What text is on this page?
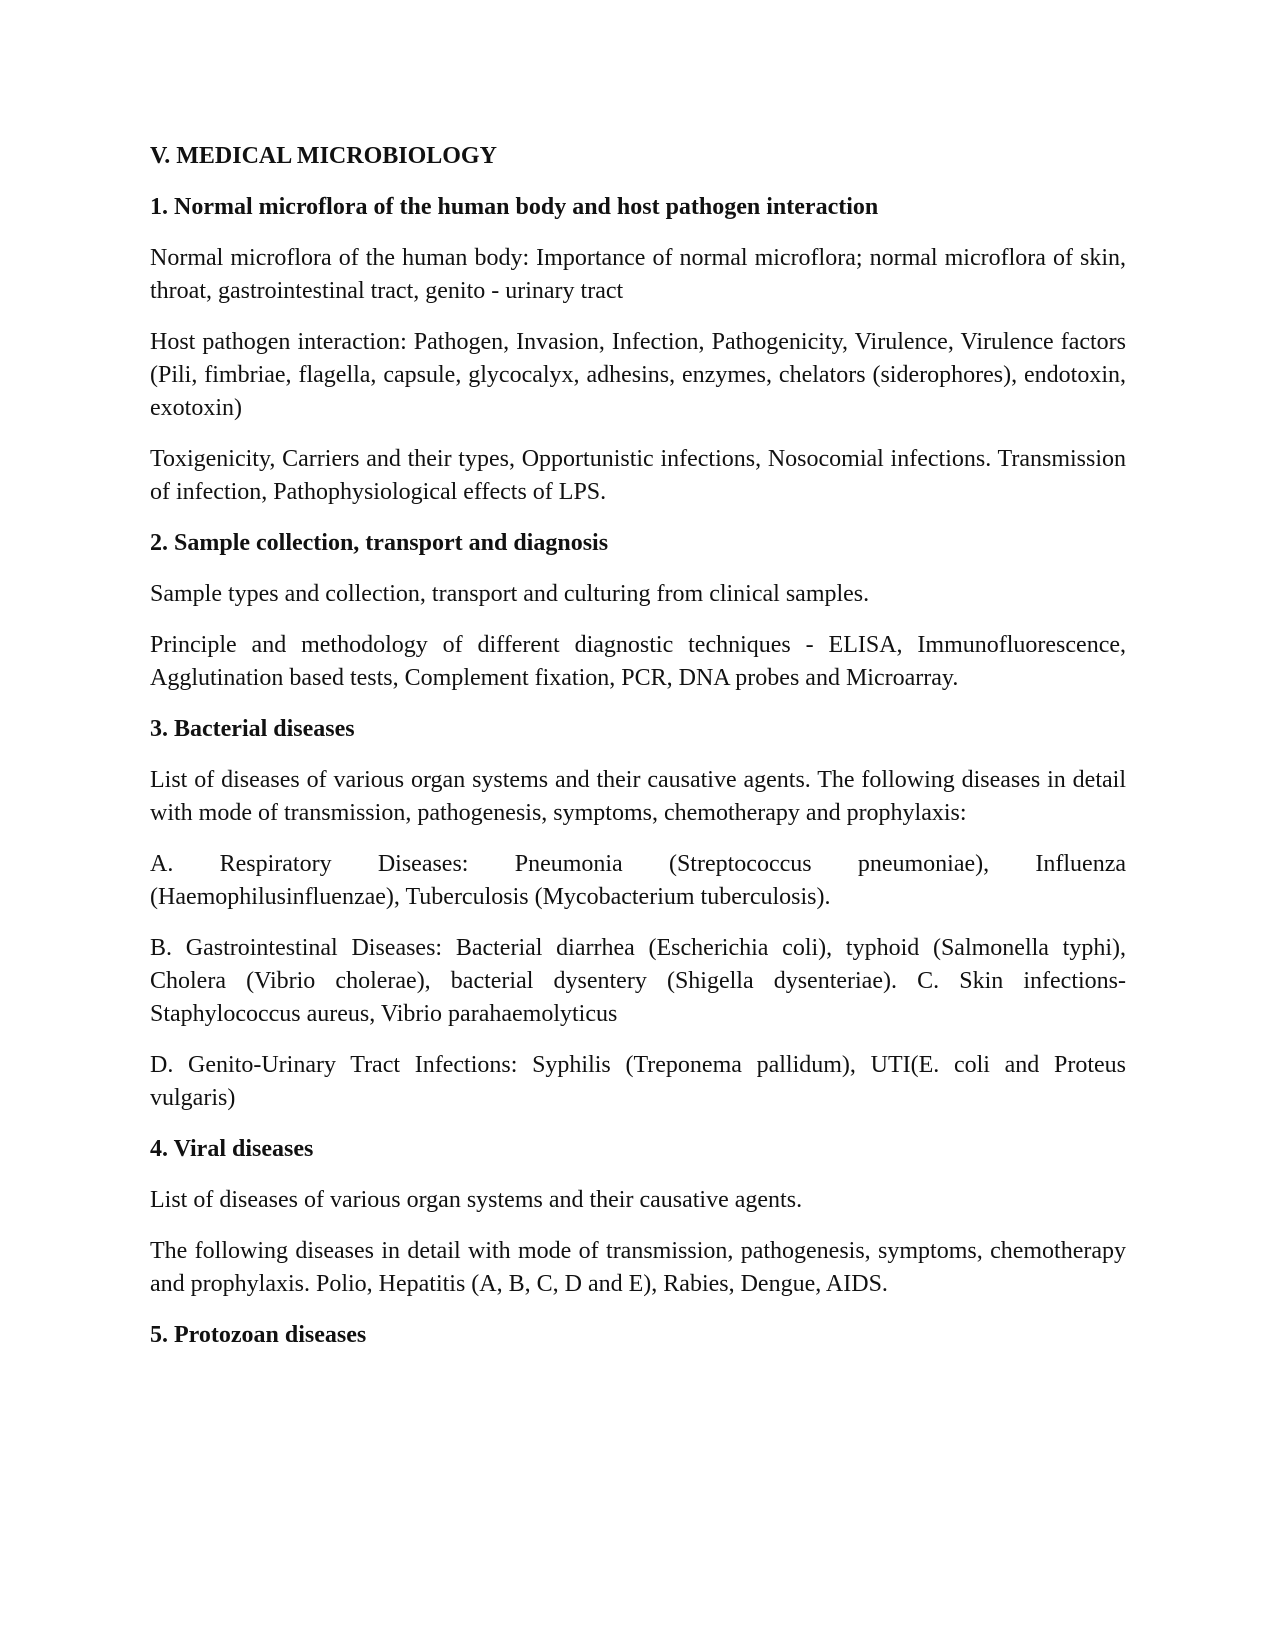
V. MEDICAL MICROBIOLOGY
1. Normal microflora of the human body and host pathogen interaction

Normal microflora of the human body: Importance of normal microflora; normal microflora of skin, throat, gastrointestinal tract, genito - urinary tract

Host pathogen interaction: Pathogen, Invasion, Infection, Pathogenicity, Virulence, Virulence factors (Pili, fimbriae, flagella, capsule, glycocalyx, adhesins, enzymes, chelators (siderophores), endotoxin, exotoxin)

Toxigenicity, Carriers and their types, Opportunistic infections, Nosocomial infections. Transmission of infection, Pathophysiological effects of LPS.

2. Sample collection, transport and diagnosis

Sample types and collection, transport and culturing from clinical samples.

Principle and methodology of different diagnostic techniques - ELISA, Immunofluorescence, Agglutination based tests, Complement fixation, PCR, DNA probes and Microarray.

3. Bacterial diseases

List of diseases of various organ systems and their causative agents. The following diseases in detail with mode of transmission, pathogenesis, symptoms, chemotherapy and prophylaxis:

A. Respiratory Diseases: Pneumonia (Streptococcus pneumoniae), Influenza (Haemophilusinfluenzae), Tuberculosis (Mycobacterium tuberculosis).

B. Gastrointestinal Diseases: Bacterial diarrhea (Escherichia coli), typhoid (Salmonella typhi), Cholera (Vibrio cholerae), bacterial dysentery (Shigella dysenteriae). C. Skin infections- Staphylococcus aureus, Vibrio parahaemolyticus

D. Genito-Urinary Tract Infections: Syphilis (Treponema pallidum), UTI(E. coli and Proteus vulgaris)

4. Viral diseases

List of diseases of various organ systems and their causative agents.

The following diseases in detail with mode of transmission, pathogenesis, symptoms, chemotherapy and prophylaxis. Polio, Hepatitis (A, B, C, D and E), Rabies, Dengue, AIDS.

5. Protozoan diseases
